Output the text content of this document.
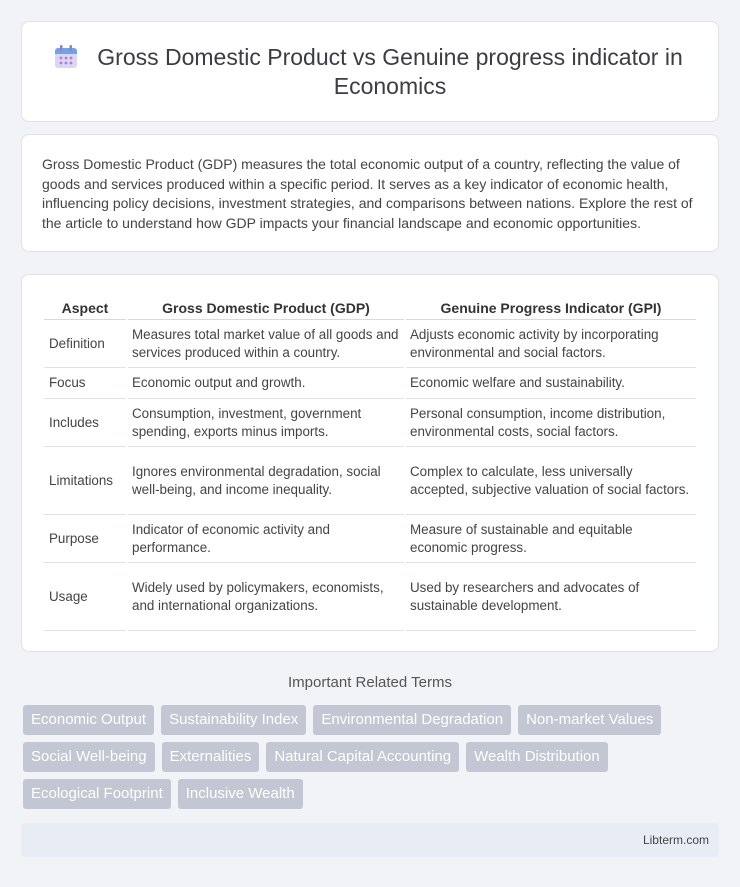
Gross Domestic Product vs Genuine progress indicator in Economics

Gross Domestic Product (GDP) measures the total economic output of a country, reflecting the value of goods and services produced within a specific period. It serves as a key indicator of economic health, influencing policy decisions, investment strategies, and comparisons between nations. Explore the rest of the article to understand how GDP impacts your financial landscape and economic opportunities.

Aspect	Gross Domestic Product (GDP)	Genuine Progress Indicator (GPI)
Definition	Measures total market value of all goods and services produced within a country.	Adjusts economic activity by incorporating environmental and social factors.
Focus	Economic output and growth.	Economic welfare and sustainability.
Includes	Consumption, investment, government spending, exports minus imports.	Personal consumption, income distribution, environmental costs, social factors.
Limitations	Ignores environmental degradation, social well-being, and income inequality.	Complex to calculate, less universally accepted, subjective valuation of social factors.
Purpose	Indicator of economic activity and performance.	Measure of sustainable and equitable economic progress.
Usage	Widely used by policymakers, economists, and international organizations.	Used by researchers and advocates of sustainable development.
Important Related Terms
Economic Output	Sustainability Index	Environmental Degradation	Non-market Values
Social Well-being	Externalities	Natural Capital Accounting	Wealth Distribution
Ecological Footprint	Inclusive Wealth
Libterm.com
